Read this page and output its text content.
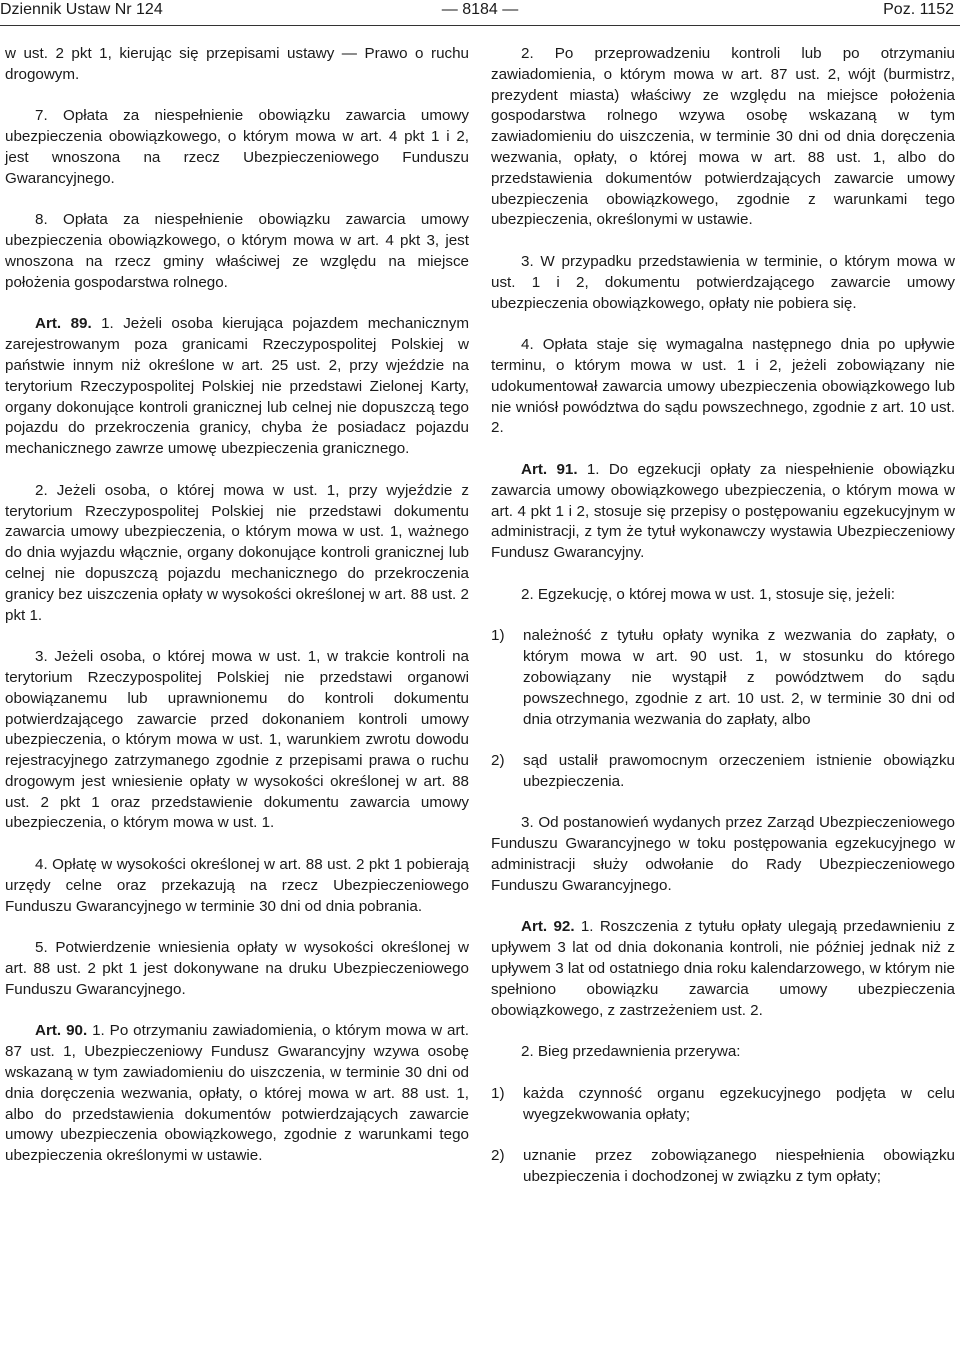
Dziennik Ustaw Nr 124	— 8184 —	Poz. 1152

w ust. 2 pkt 1, kierując się przepisami ustawy — Prawo o ruchu drogowym.

7. Opłata za niespełnienie obowiązku zawarcia umowy ubezpieczenia obowiązkowego, o którym mowa w art. 4 pkt 1 i 2, jest wnoszona na rzecz Ubezpieczeniowego Funduszu Gwarancyjnego.

8. Opłata za niespełnienie obowiązku zawarcia umowy ubezpieczenia obowiązkowego, o którym mowa w art. 4 pkt 3, jest wnoszona na rzecz gminy właściwej ze względu na miejsce położenia gospodarstwa rolnego.

Art. 89. 1. Jeżeli osoba kierująca pojazdem mechanicznym zarejestrowanym poza granicami Rzeczypospolitej Polskiej w państwie innym niż określone w art. 25 ust. 2, przy wjeździe na terytorium Rzeczypospolitej Polskiej nie przedstawi Zielonej Karty, organy dokonujące kontroli granicznej lub celnej nie dopuszczą tego pojazdu do przekroczenia granicy, chyba że posiadacz pojazdu mechanicznego zawrze umowę ubezpieczenia granicznego.

2. Jeżeli osoba, o której mowa w ust. 1, przy wyjeździe z terytorium Rzeczypospolitej Polskiej nie przedstawi dokumentu zawarcia umowy ubezpieczenia, o którym mowa w ust. 1, ważnego do dnia wyjazdu włącznie, organy dokonujące kontroli granicznej lub celnej nie dopuszczą pojazdu mechanicznego do przekroczenia granicy bez uiszczenia opłaty w wysokości określonej w art. 88 ust. 2 pkt 1.

3. Jeżeli osoba, o której mowa w ust. 1, w trakcie kontroli na terytorium Rzeczypospolitej Polskiej nie przedstawi organowi obowiązanemu lub uprawnionemu do kontroli dokumentu potwierdzającego zawarcie przed dokonaniem kontroli umowy ubezpieczenia, o którym mowa w ust. 1, warunkiem zwrotu dowodu rejestracyjnego zatrzymanego zgodnie z przepisami prawa o ruchu drogowym jest wniesienie opłaty w wysokości określonej w art. 88 ust. 2 pkt 1 oraz przedstawienie dokumentu zawarcia umowy ubezpieczenia, o którym mowa w ust. 1.

4. Opłatę w wysokości określonej w art. 88 ust. 2 pkt 1 pobierają urzędy celne oraz przekazują na rzecz Ubezpieczeniowego Funduszu Gwarancyjnego w terminie 30 dni od dnia pobrania.

5. Potwierdzenie wniesienia opłaty w wysokości określonej w art. 88 ust. 2 pkt 1 jest dokonywane na druku Ubezpieczeniowego Funduszu Gwarancyjnego.

Art. 90. 1. Po otrzymaniu zawiadomienia, o którym mowa w art. 87 ust. 1, Ubezpieczeniowy Fundusz Gwarancyjny wzywa osobę wskazaną w tym zawiadomieniu do uiszczenia, w terminie 30 dni od dnia doręczenia wezwania, opłaty, o której mowa w art. 88 ust. 1, albo do przedstawienia dokumentów potwierdzających zawarcie umowy ubezpieczenia obowiązkowego, zgodnie z warunkami tego ubezpieczenia określonymi w ustawie.

2. Po przeprowadzeniu kontroli lub po otrzymaniu zawiadomienia, o którym mowa w art. 87 ust. 2, wójt (burmistrz, prezydent miasta) właściwy ze względu na miejsce położenia gospodarstwa rolnego wzywa osobę wskazaną w tym zawiadomieniu do uiszczenia, w terminie 30 dni od dnia doręczenia wezwania, opłaty, o której mowa w art. 88 ust. 1, albo do przedstawienia dokumentów potwierdzających zawarcie umowy ubezpieczenia obowiązkowego, zgodnie z warunkami tego ubezpieczenia, określonymi w ustawie.

3. W przypadku przedstawienia w terminie, o którym mowa w ust. 1 i 2, dokumentu potwierdzającego zawarcie umowy ubezpieczenia obowiązkowego, opłaty nie pobiera się.

4. Opłata staje się wymagalna następnego dnia po upływie terminu, o którym mowa w ust. 1 i 2, jeżeli zobowiązany nie udokumentował zawarcia umowy ubezpieczenia obowiązkowego lub nie wniósł powództwa do sądu powszechnego, zgodnie z art. 10 ust. 2.

Art. 91. 1. Do egzekucji opłaty za niespełnienie obowiązku zawarcia umowy obowiązkowego ubezpieczenia, o którym mowa w art. 4 pkt 1 i 2, stosuje się przepisy o postępowaniu egzekucyjnym w administracji, z tym że tytuł wykonawczy wystawia Ubezpieczeniowy Fundusz Gwarancyjny.

2. Egzekucję, o której mowa w ust. 1, stosuje się, jeżeli:

1) należność z tytułu opłaty wynika z wezwania do zapłaty, o którym mowa w art. 90 ust. 1, w stosunku do którego zobowiązany nie wystąpił z powództwem do sądu powszechnego, zgodnie z art. 10 ust. 2, w terminie 30 dni od dnia otrzymania wezwania do zapłaty, albo
2) sąd ustalił prawomocnym orzeczeniem istnienie obowiązku ubezpieczenia.

3. Od postanowień wydanych przez Zarząd Ubezpieczeniowego Funduszu Gwarancyjnego w toku postępowania egzekucyjnego w administracji służy odwołanie do Rady Ubezpieczeniowego Funduszu Gwarancyjnego.

Art. 92. 1. Roszczenia z tytułu opłaty ulegają przedawnieniu z upływem 3 lat od dnia dokonania kontroli, nie później jednak niż z upływem 3 lat od ostatniego dnia roku kalendarzowego, w którym nie spełniono obowiązku zawarcia umowy ubezpieczenia obowiązkowego, z zastrzeżeniem ust. 2.

2. Bieg przedawnienia przerywa:

1) każda czynność organu egzekucyjnego podjęta w celu wyegzekwowania opłaty;
2) uznanie przez zobowiązanego niespełnienia obowiązku ubezpieczenia i dochodzonej w związku z tym opłaty;
